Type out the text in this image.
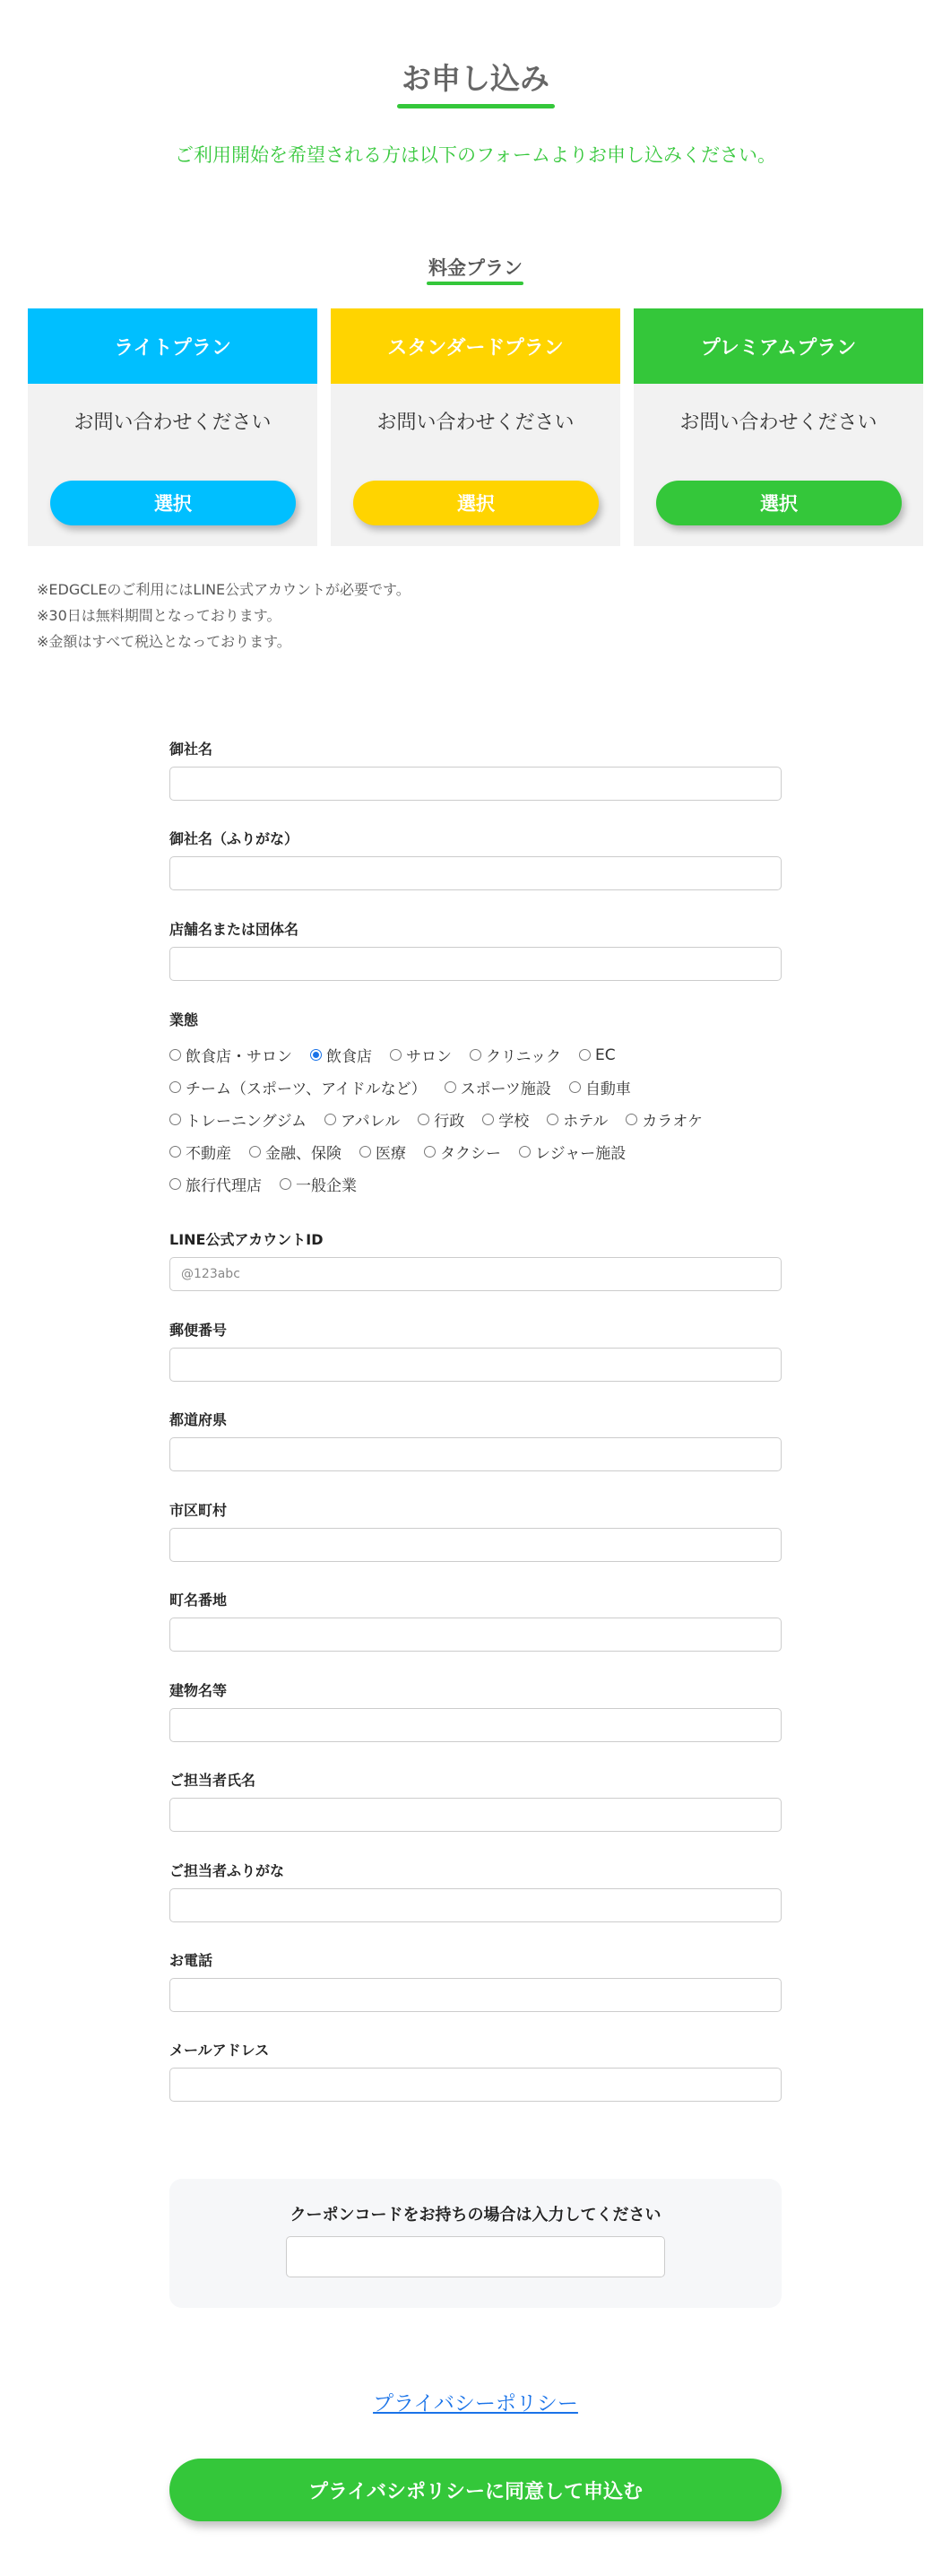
お申し込み
ご利用開始を希望される方は以下のフォームよりお申し込みください。
料金プラン
ライトプラン
お問い合わせください
選択
スタンダードプラン
お問い合わせください
選択
プレミアムプラン
お問い合わせください
選択
※EDGCLEのご利用にはLINE公式アカウントが必要です。
※30日は無料期間となっております。
※金額はすべて税込となっております。
御社名
御社名（ふりがな）
店舗名または団体名
業態
飲食店・サロン 飲食店 サロン クリニック EC
チーム（スポーツ、アイドルなど） スポーツ施設 自動車
トレーニングジム アパレル 行政 学校 ホテル カラオケ
不動産 金融、保険 医療 タクシー レジャー施設
旅行代理店 一般企業
LINE公式アカウントID
@123abc
郵便番号
都道府県
市区町村
町名番地
建物名等
ご担当者氏名
ご担当者ふりがな
お電話
メールアドレス
クーポンコードをお持ちの場合は入力してください
プライバシーポリシー
プライバシポリシーに同意して申込む
